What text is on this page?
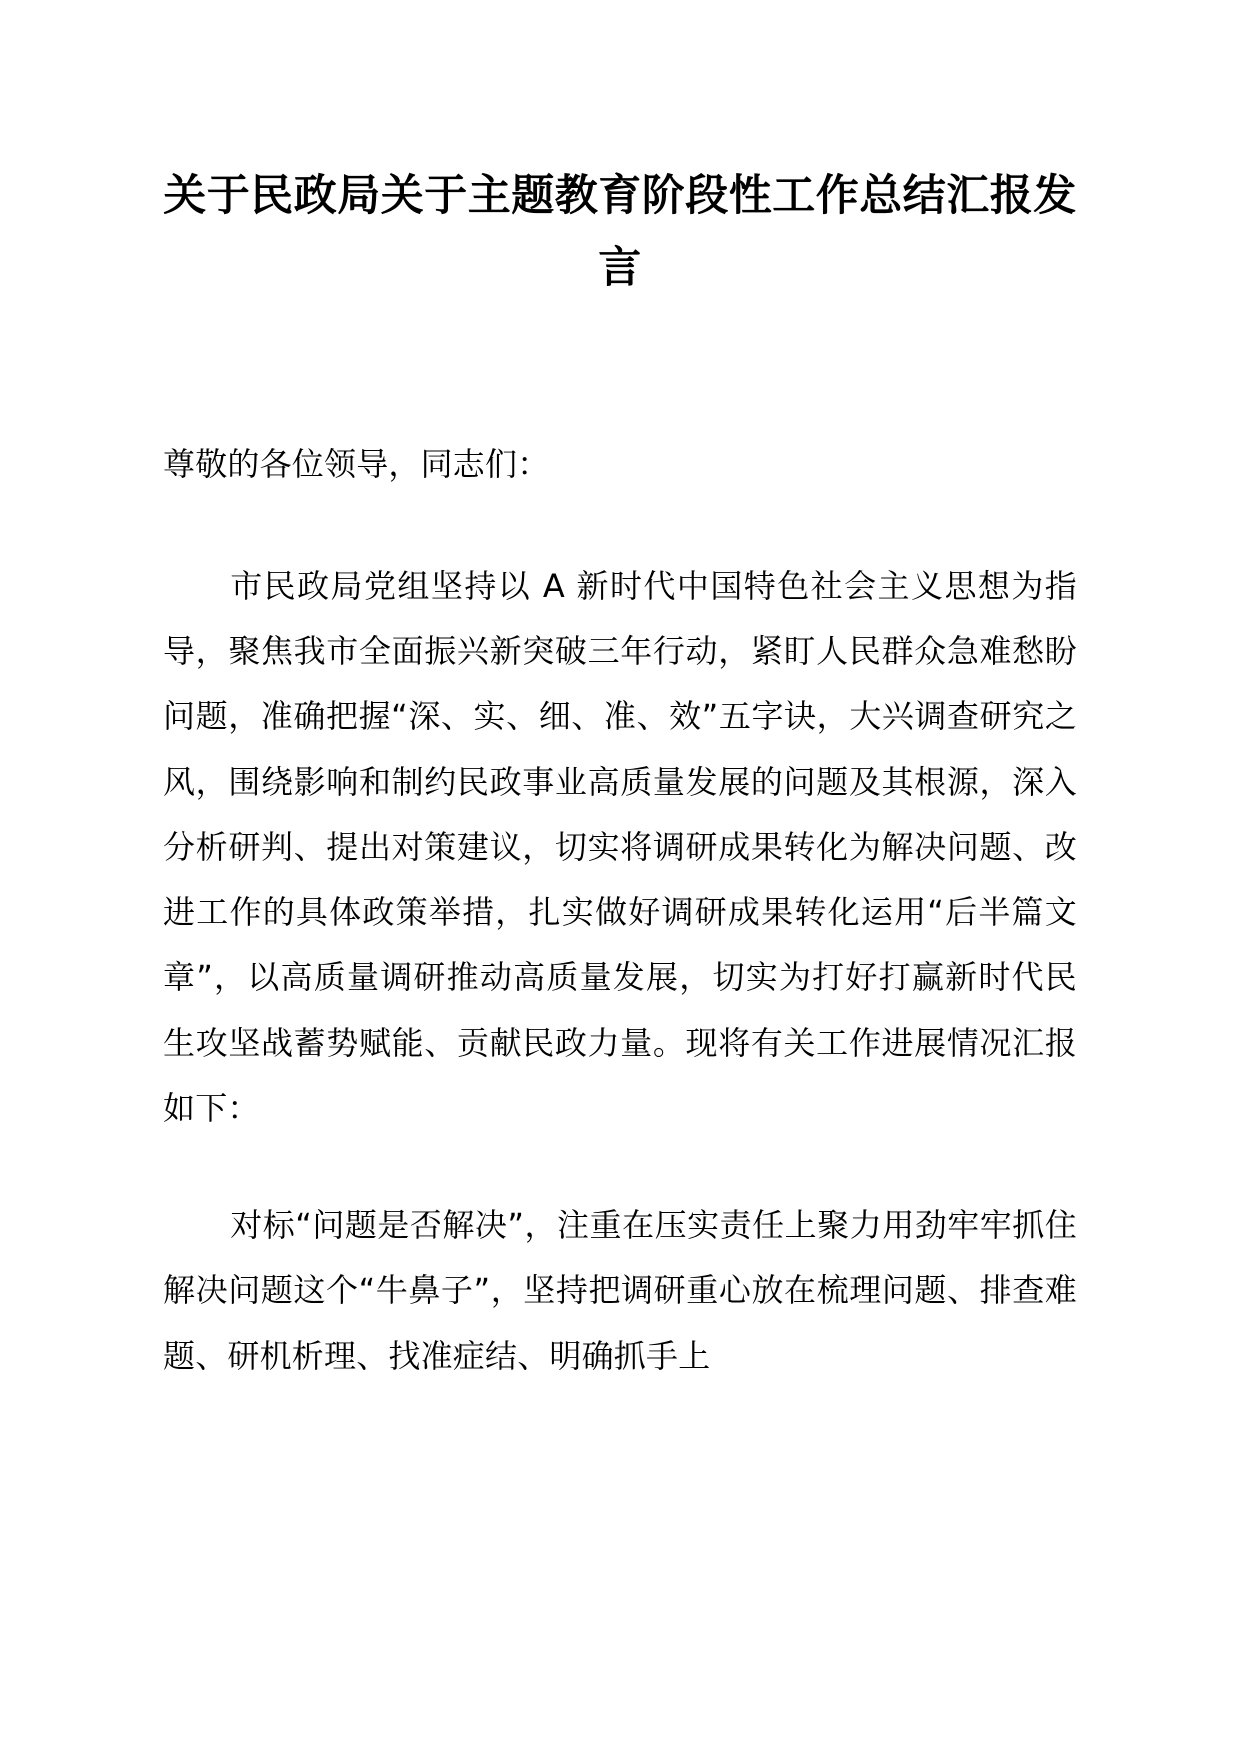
关于民政局关于主题教育阶段性工作总结汇报发言

尊敬的各位领导，同志们：

市民政局党组坚持以 A 新时代中国特色社会主义思想为指导，聚焦我市全面振兴新突破三年行动，紧盯人民群众急难愁盼问题，准确把握“深、实、细、准、效”五字诀，大兴调查研究之风，围绕影响和制约民政事业高质量发展的问题及其根源，深入分析研判、提出对策建议，切实将调研成果转化为解决问题、改进工作的具体政策举措，扎实做好调研成果转化运用“后半篇文章”，以高质量调研推动高质量发展，切实为打好打赢新时代民生攻坚战蓄势赋能、贡献民政力量。现将有关工作进展情况汇报如下：

对标“问题是否解决”，注重在压实责任上聚力用劲牢牢抓住解决问题这个“牛鼻子”，坚持把调研重心放在梳理问题、排查难题、研机析理、找准症结、明确抓手上
